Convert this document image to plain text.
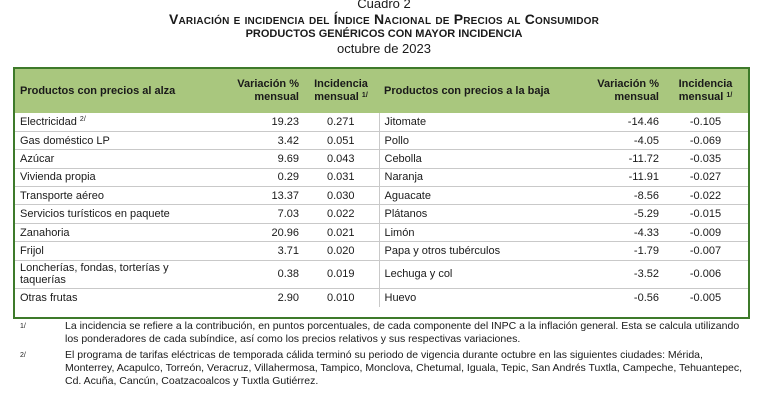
Cuadro 2
Variación e incidencia del Índice Nacional de Precios al Consumidor
PRODUCTOS GENÉRICOS CON MAYOR INCIDENCIA
octubre de 2023
Productos con precios al alza	Variación % mensual	Incidencia mensual $^{1/}$	Productos con precios a la baja	Variación % mensual	Incidencia mensual $^{1/}$
Electricidad $^{2/}$	19.23	0.271	Jitomate	-14.46	-0.105
Gas doméstico LP	3.42	0.051	Pollo	-4.05	-0.069
Azúcar	9.69	0.043	Cebolla	-11.72	-0.035
Vivienda propia	0.29	0.031	Naranja	-11.91	-0.027
Transporte aéreo	13.37	0.030	Aguacate	-8.56	-0.022
Servicios turísticos en paquete	7.03	0.022	Plátanos	-5.29	-0.015
Zanahoria	20.96	0.021	Limón	-4.33	-0.009
Frijol	3.71	0.020	Papa y otros tubérculos	-1.79	-0.007
Loncherías, fondas, torterías y taquerías	0.38	0.019	Lechuga y col	-3.52	-0.006
Otras frutas	2.90	0.010	Huevo	-0.56	-0.005
1/	La incidencia se refiere a la contribución, en puntos porcentuales, de cada componente del INPC a la inflación general. Esta se calcula utilizando los ponderadores de cada subíndice, así como los precios relativos y sus respectivas variaciones.
2/	El programa de tarifas eléctricas de temporada cálida terminó su periodo de vigencia durante octubre en las siguientes ciudades: Mérida, Monterrey, Acapulco, Torreón, Veracruz, Villahermosa, Tampico, Monclova, Chetumal, Iguala, Tepic, San Andrés Tuxtla, Campeche, Tehuantepec, Cd. Acuña, Cancún, Coatzacoalcos y Tuxtla Gutiérrez.
